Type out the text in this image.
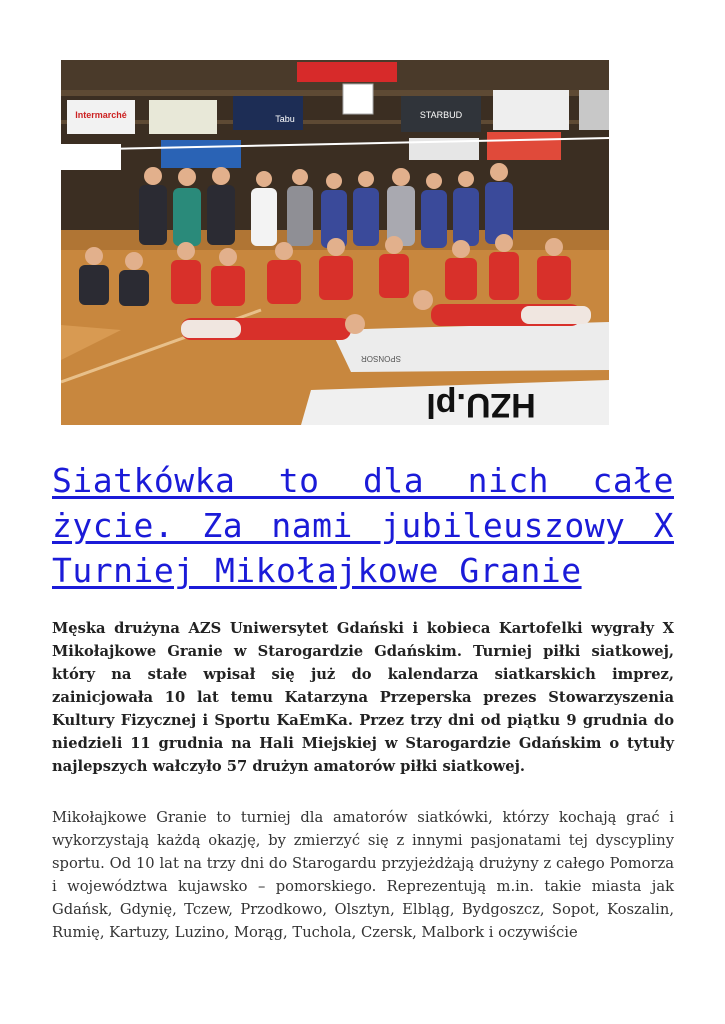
Intermarché	Tabu	STARBUD
HZU.pl
SPONSOR
Siatkówka to dla nich całe życie. Za nami jubileuszowy X Turniej Mikołajkowe Granie

Męska drużyna AZS Uniwersytet Gdański i kobieca Kartofelki wygrały X Mikołajkowe Granie w Starogardzie Gdańskim. Turniej piłki siatkowej, który na stałe wpisał się już do kalendarza siatkarskich imprez, zainicjowała 10 lat temu Katarzyna Przeperska prezes Stowarzyszenia Kultury Fizycznej i Sportu KaEmKa. Przez trzy dni od piątku 9 grudnia do niedzieli 11 grudnia na Hali Miejskiej w Starogardzie Gdańskim o tytuły najlepszych wałczyło 57 drużyn amatorów piłki siatkowej.

Mikołajkowe Granie to turniej dla amatorów siatkówki, którzy kochają grać i wykorzystają każdą okazję, by zmierzyć się z innymi pasjonatami tej dyscypliny sportu. Od 10 lat na trzy dni do Starogardu przyjeżdżają drużyny z całego Pomorza i województwa kujawsko – pomorskiego. Reprezentują m.in. takie miasta jak Gdańsk, Gdynię, Tczew, Przodkowo, Olsztyn, Elbląg, Bydgoszcz, Sopot, Koszalin, Rumię, Kartuzy, Luzino, Morąg, Tuchola, Czersk, Malbork i oczywiście
